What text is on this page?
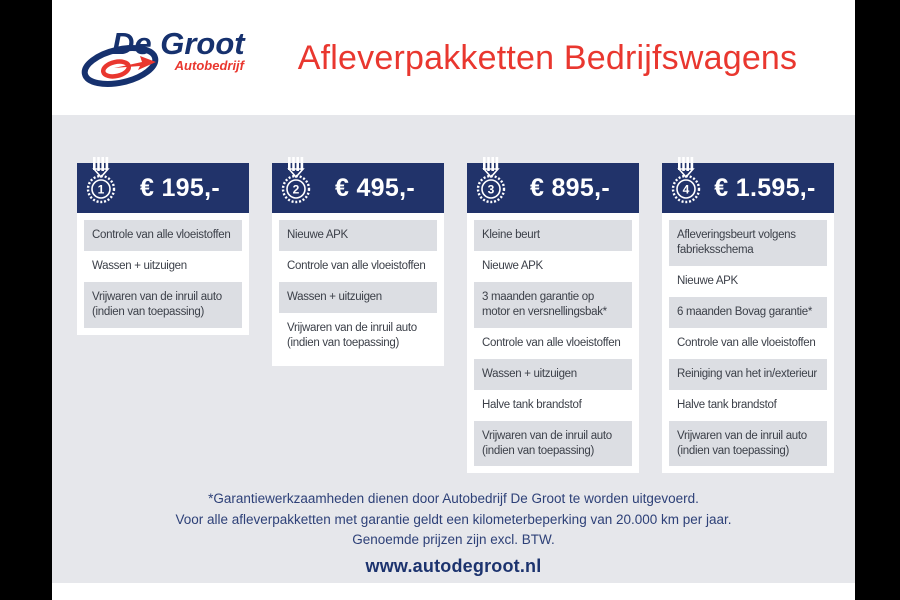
De Groot
Autobedrijf	Afleverpakketten Bedrijfswagens
1 € 195,-
Controle van alle vloeistoffen
Wassen + uitzuigen
Vrijwaren van de inruil auto (indien van toepassing)
2 € 495,-
Nieuwe APK
Controle van alle vloeistoffen
Wassen + uitzuigen
Vrijwaren van de inruil auto (indien van toepassing)
3 € 895,-
Kleine beurt
Nieuwe APK
3 maanden garantie op motor en versnellingsbak*
Controle van alle vloeistoffen
Wassen + uitzuigen
Halve tank brandstof
Vrijwaren van de inruil auto (indien van toepassing)
4 € 1.595,-
Afleveringsbeurt volgens fabrieksschema
Nieuwe APK
6 maanden Bovag garantie*
Controle van alle vloeistoffen
Reiniging van het in/exterieur
Halve tank brandstof
Vrijwaren van de inruil auto (indien van toepassing)
*Garantiewerkzaamheden dienen door Autobedrijf De Groot te worden uitgevoerd.
Voor alle afleverpakketten met garantie geldt een kilometerbeperking van 20.000 km per jaar.
Genoemde prijzen zijn excl. BTW.
www.autodegroot.nl
